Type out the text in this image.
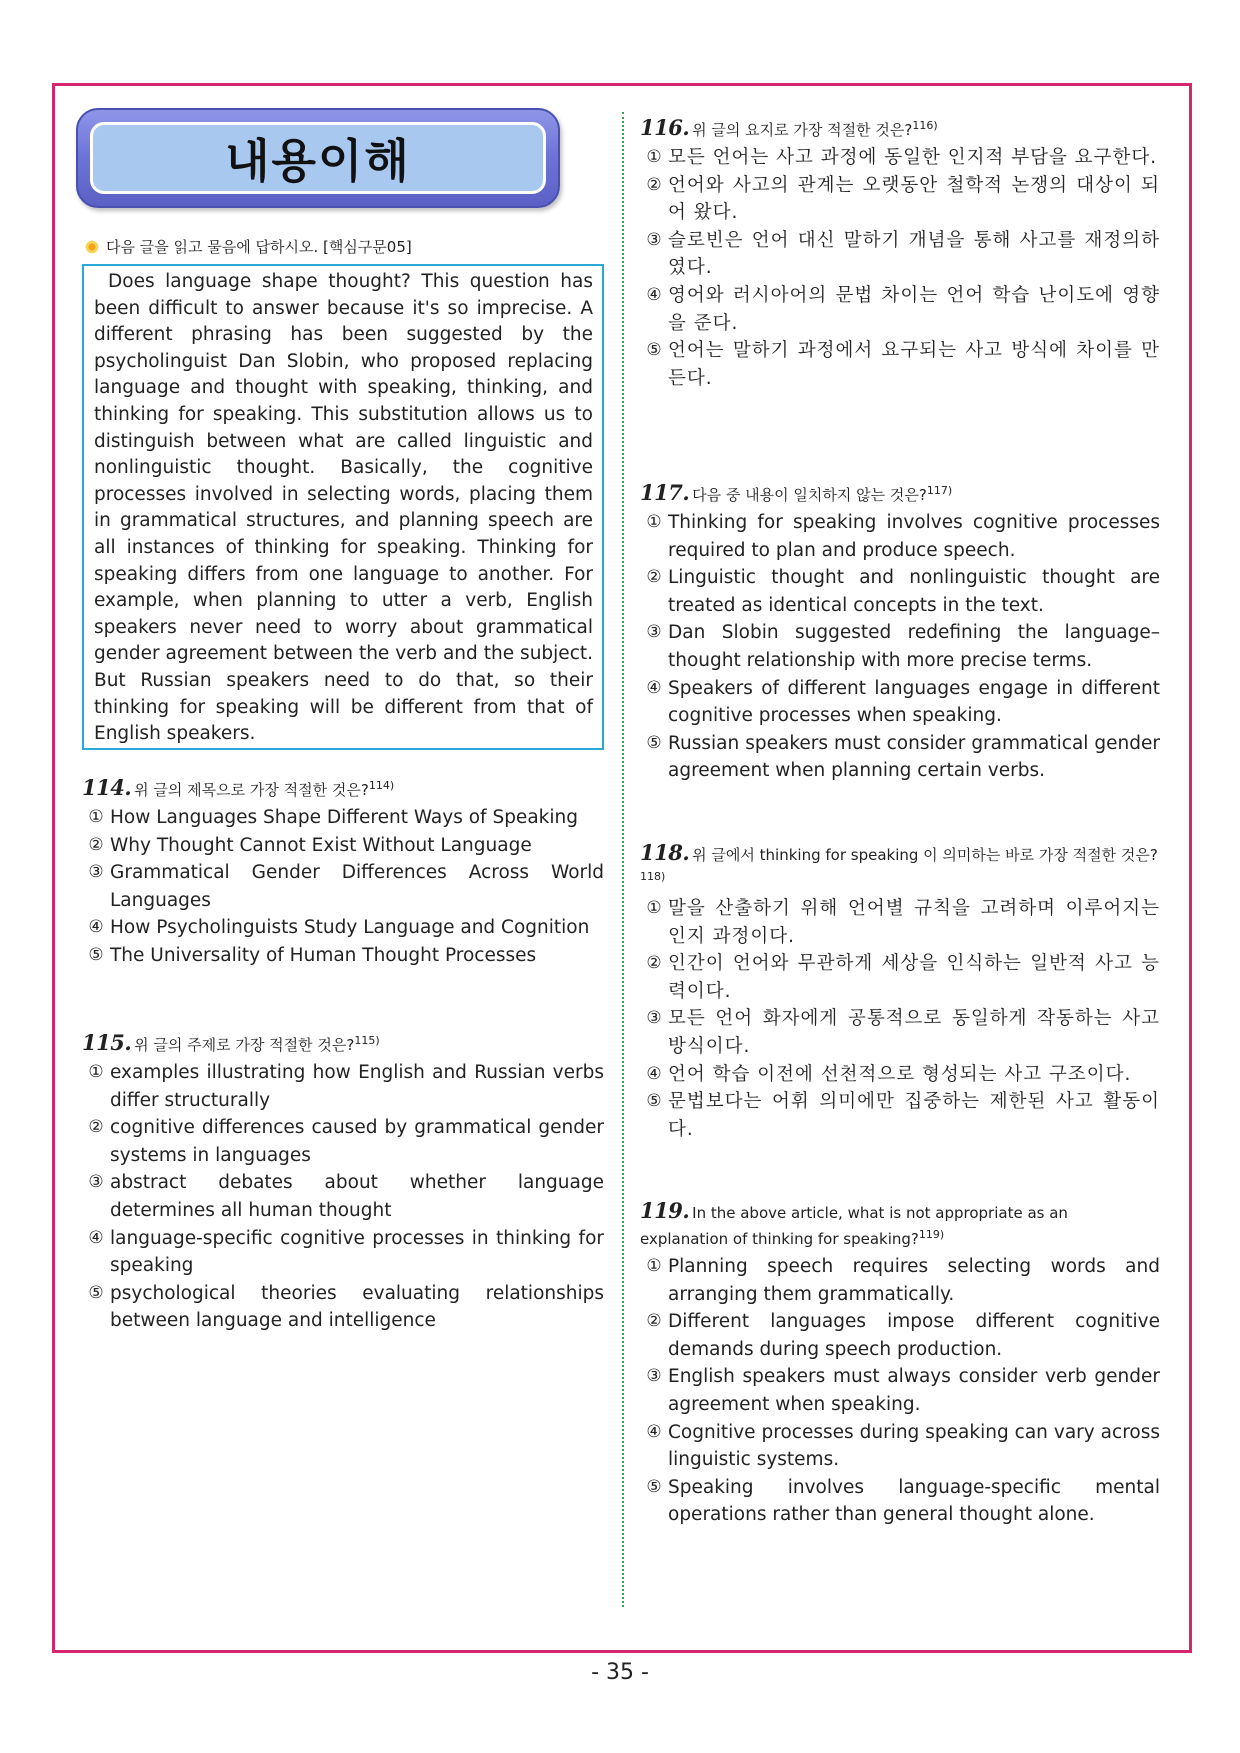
내용이해
다음 글을 읽고 물음에 답하시오. [핵심구문05]
Does language shape thought? This question has been difficult to answer because it's so imprecise. A different phrasing has been suggested by the psycholinguist Dan Slobin, who proposed replacing language and thought with speaking, thinking, and thinking for speaking. This substitution allows us to distinguish between what are called linguistic and nonlinguistic thought. Basically, the cognitive processes involved in selecting words, placing them in grammatical structures, and planning speech are all instances of thinking for speaking. Thinking for speaking differs from one language to another. For example, when planning to utter a verb, English speakers never need to worry about grammatical gender agreement between the verb and the subject. But Russian speakers need to do that, so their thinking for speaking will be different from that of English speakers.
114. 위 글의 제목으로 가장 적절한 것은?$^{114)}$
① How Languages Shape Different Ways of Speaking
② Why Thought Cannot Exist Without Language
③ Grammatical Gender Differences Across World Languages
④ How Psycholinguists Study Language and Cognition
⑤ The Universality of Human Thought Processes
115. 위 글의 주제로 가장 적절한 것은?$^{115)}$
① examples illustrating how English and Russian verbs differ structurally
② cognitive differences caused by grammatical gender systems in languages
③ abstract debates about whether language determines all human thought
④ language-specific cognitive processes in thinking for speaking
⑤ psychological theories evaluating relationships between language and intelligence
116. 위 글의 요지로 가장 적절한 것은?$^{116)}$
① 모든 언어는 사고 과정에 동일한 인지적 부담을 요구한다.
② 언어와 사고의 관계는 오랫동안 철학적 논쟁의 대상이 되어 왔다.
③ 슬로빈은 언어 대신 말하기 개념을 통해 사고를 재정의하였다.
④ 영어와 러시아어의 문법 차이는 언어 학습 난이도에 영향을 준다.
⑤ 언어는 말하기 과정에서 요구되는 사고 방식에 차이를 만든다.
117. 다음 중 내용이 일치하지 않는 것은?$^{117)}$
① Thinking for speaking involves cognitive processes required to plan and produce speech.
② Linguistic thought and nonlinguistic thought are treated as identical concepts in the text.
③ Dan Slobin suggested redefining the language–thought relationship with more precise terms.
④ Speakers of different languages engage in different cognitive processes when speaking.
⑤ Russian speakers must consider grammatical gender agreement when planning certain verbs.
118. 위 글에서 thinking for speaking 이 의미하는 바로 가장 적절한 것은?$^{118)}$
① 말을 산출하기 위해 언어별 규칙을 고려하며 이루어지는 인지 과정이다.
② 인간이 언어와 무관하게 세상을 인식하는 일반적 사고 능력이다.
③ 모든 언어 화자에게 공통적으로 동일하게 작동하는 사고 방식이다.
④ 언어 학습 이전에 선천적으로 형성되는 사고 구조이다.
⑤ 문법보다는 어휘 의미에만 집중하는 제한된 사고 활동이다.
119. In the above article, what is not appropriate as an explanation of thinking for speaking?$^{119)}$
① Planning speech requires selecting words and arranging them grammatically.
② Different languages impose different cognitive demands during speech production.
③ English speakers must always consider verb gender agreement when speaking.
④ Cognitive processes during speaking can vary across linguistic systems.
⑤ Speaking involves language-specific mental operations rather than general thought alone.
- 35 -
